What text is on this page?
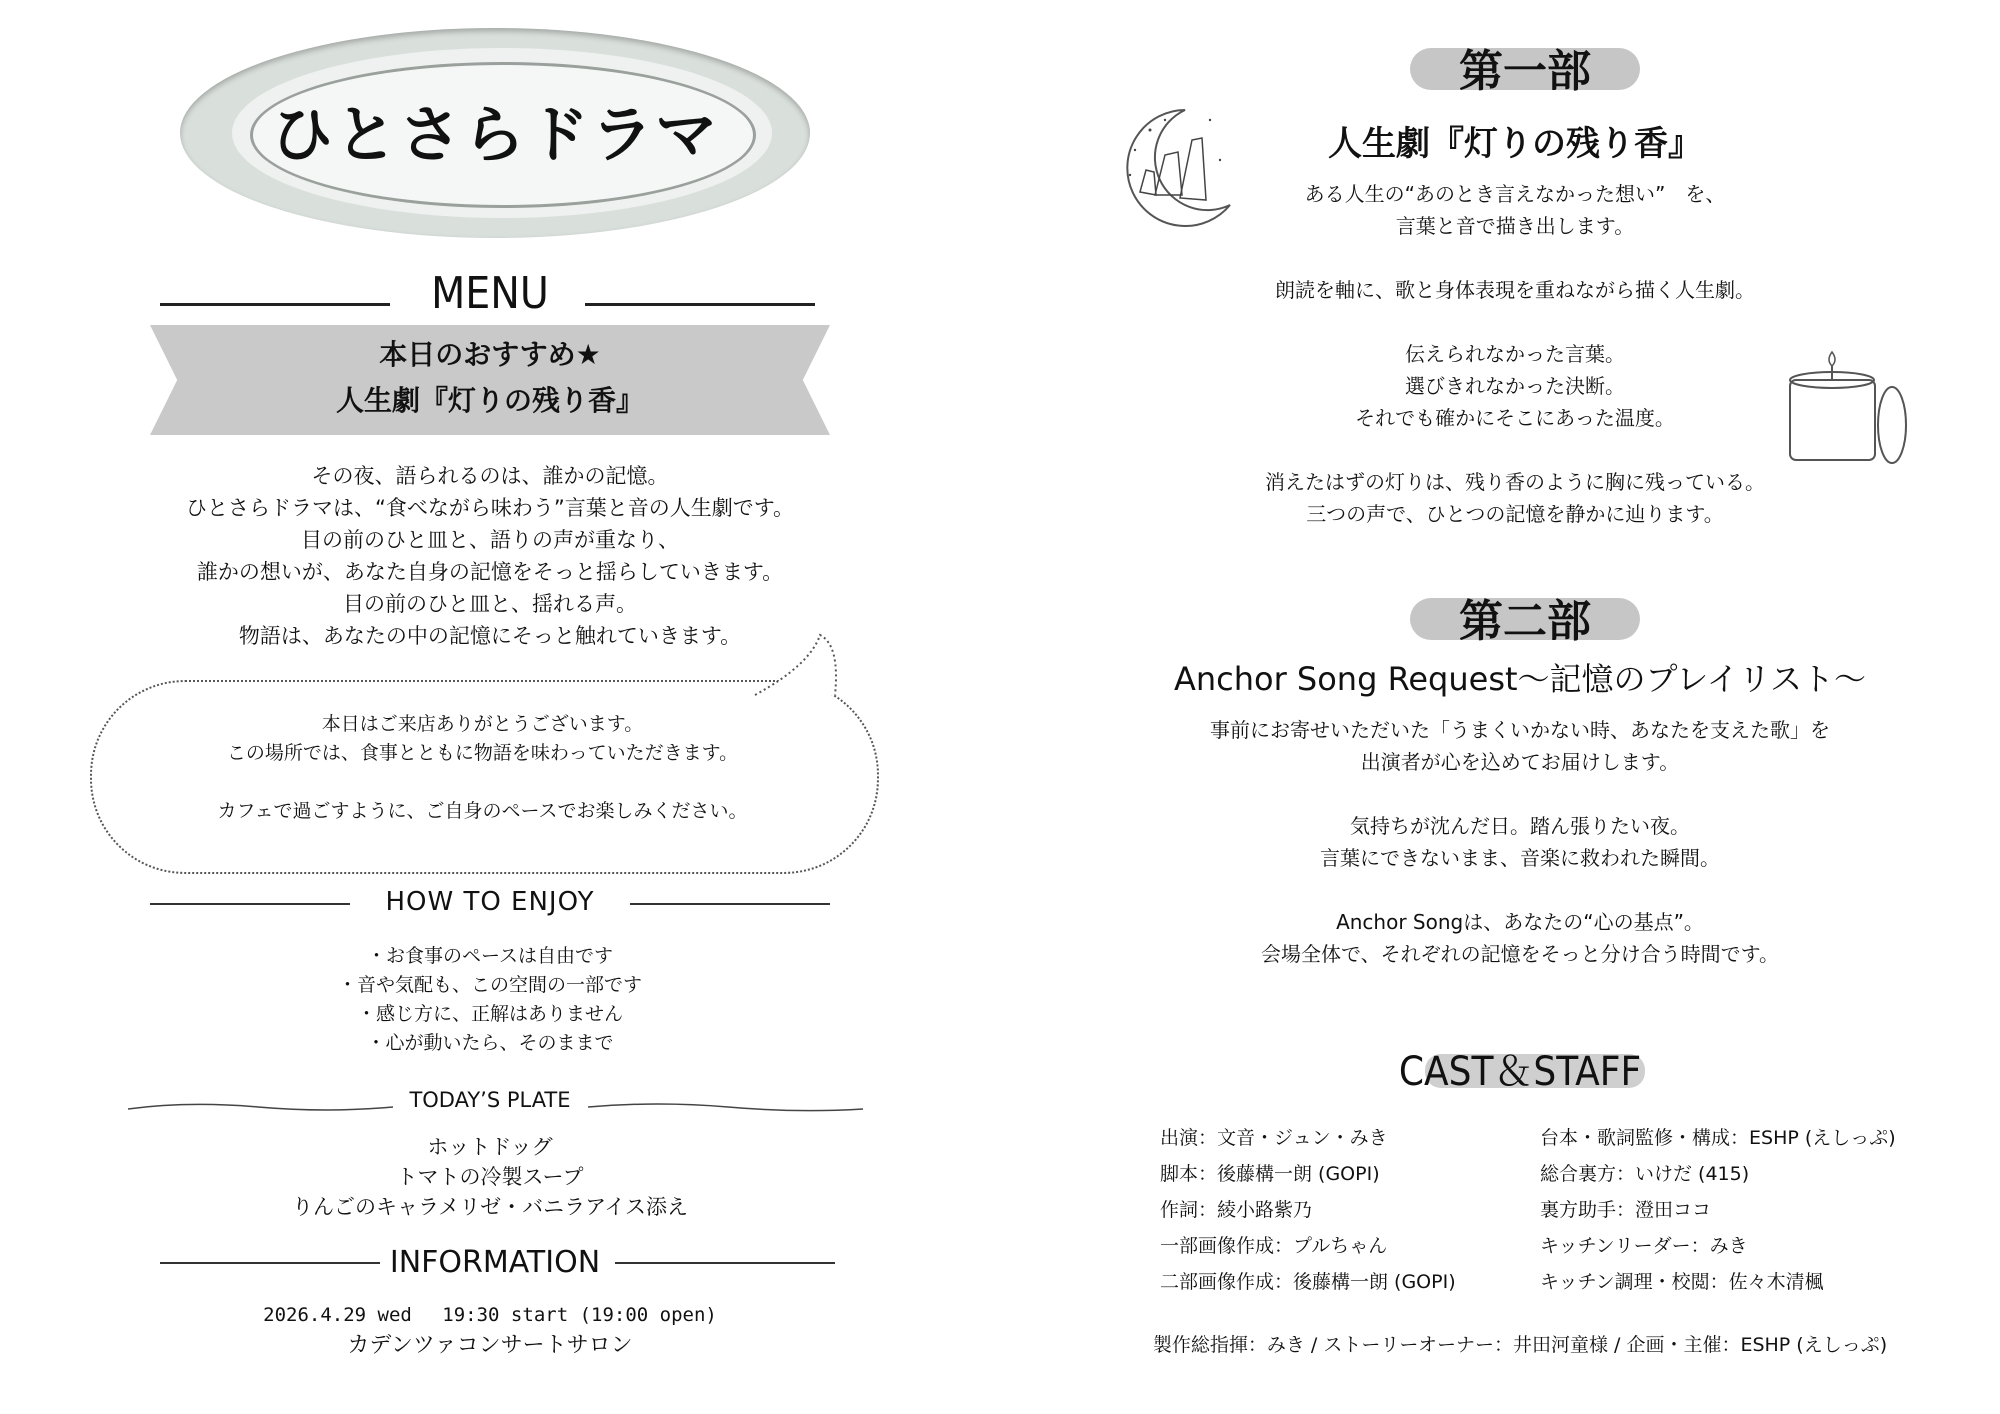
ひとさらドラマ
MENU
本日のおすすめ★
人生劇『灯りの残り香』
その夜、語られるのは、誰かの記憶。
ひとさらドラマは、“食べながら味わう”言葉と音の人生劇です。
目の前のひと皿と、語りの声が重なり、
誰かの想いが、あなた自身の記憶をそっと揺らしていきます。
目の前のひと皿と、揺れる声。
物語は、あなたの中の記憶にそっと触れていきます。
本日はご来店ありがとうございます。
この場所では、食事とともに物語を味わっていただきます。
カフェで過ごすように、ご自身のペースでお楽しみください。
HOW TO ENJOY
・お食事のペースは自由です
・音や気配も、この空間の一部です
・感じ方に、正解はありません
・心が動いたら、そのままで
TODAY’S PLATE
ホットドッグ
トマトの冷製スープ
りんごのキャラメリゼ・バニラアイス添え
INFORMATION
2026.4.29 wed　 19:30 start (19:00 open)
カデンツァコンサートサロン
第一部
人生劇『灯りの残り香』
ある人生の“あのとき言えなかった想い”　を、
言葉と音で描き出します。
朗読を軸に、歌と身体表現を重ねながら描く人生劇。
伝えられなかった言葉。
選びきれなかった決断。
それでも確かにそこにあった温度。
消えたはずの灯りは、残り香のように胸に残っている。
三つの声で、ひとつの記憶を静かに辿ります。
第二部
Anchor Song Request〜記憶のプレイリスト〜
事前にお寄せいただいた「うまくいかない時、あなたを支えた歌」を
出演者が心を込めてお届けします。
気持ちが沈んだ日。踏ん張りたい夜。
言葉にできないまま、音楽に救われた瞬間。
Anchor Songは、あなたの“心の基点”。
会場全体で、それぞれの記憶をそっと分け合う時間です。
CAST＆STAFF
出演：文音・ジュン・みき
脚本：後藤構一朗 (GOPI)
作詞：綾小路紫乃
一部画像作成：プルちゃん
二部画像作成：後藤構一朗 (GOPI)
台本・歌詞監修・構成：ESHP (えしっぷ)
総合裏方：いけだ (415)
裏方助手：澄田ココ
キッチンリーダー：みき
キッチン調理・校閲：佐々木清楓
製作総指揮：みき / ストーリーオーナー：井田河童様 / 企画・主催：ESHP (えしっぷ)
